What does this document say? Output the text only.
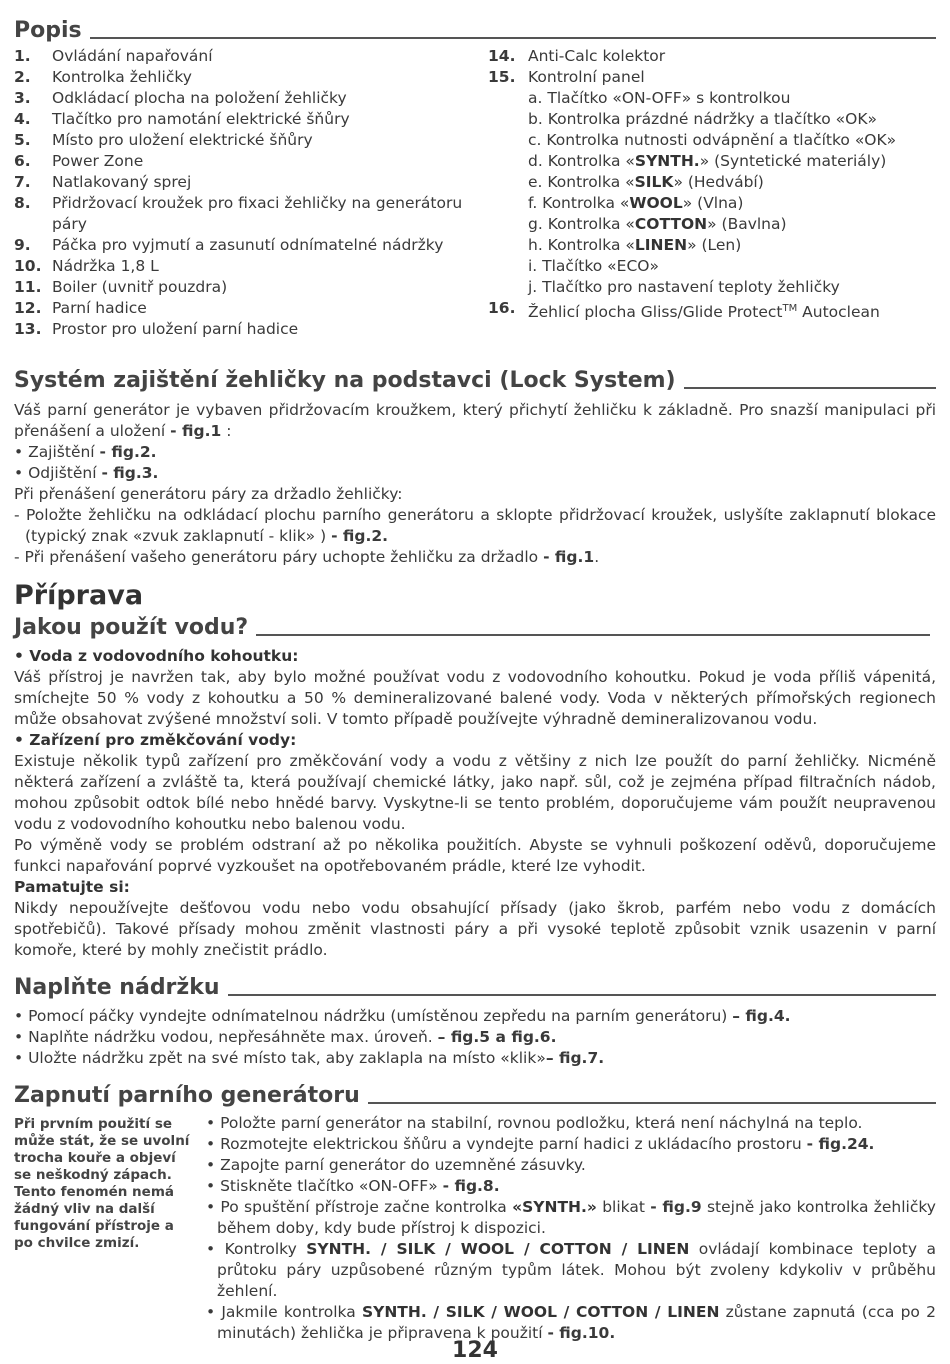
Popis
1.	Ovládání napařování
2.	Kontrolka žehličky
3.	Odkládací plocha na položení žehličky
4.	Tlačítko pro namotání elektrické šňůry
5.	Místo pro uložení elektrické šňůry
6.	Power Zone
7.	Natlakovaný sprej
8.	Přidržovací kroužek pro fixaci žehličky na generátoru páry
9.	Páčka pro vyjmutí a zasunutí odnímatelné nádržky
10. Nádržka 1,8 L
11. Boiler (uvnitř pouzdra)
12. Parní hadice
13. Prostor pro uložení parní hadice
14. Anti-Calc kolektor
15. Kontrolní panel
a. Tlačítko «ON-OFF» s kontrolkou
b. Kontrolka prázdné nádržky a tlačítko «OK»
c. Kontrolka nutnosti odvápnění a tlačítko «OK»
d. Kontrolka «SYNTH.» (Syntetické materiály)
e. Kontrolka «SILK» (Hedvábí)
f. Kontrolka «WOOL» (Vlna)
g. Kontrolka «COTTON» (Bavlna)
h. Kontrolka «LINEN» (Len)
i. Tlačítko «ECO»
j. Tlačítko pro nastavení teploty žehličky
16. Žehlicí plocha Gliss/Glide Protect™ Autoclean
Systém zajištění žehličky na podstavci (Lock System)

Váš parní generátor je vybaven přidržovacím kroužkem, který přichytí žehličku k základně. Pro snazší manipulaci při přenášení a uložení - fig.1 :

• Zajištění - fig.2.

• Odjištění - fig.3.

Při přenášení generátoru páry za držadlo žehličky:

- Položte žehličku na odkládací plochu parního generátoru a sklopte přidržovací kroužek, uslyšíte zaklapnutí blokace (typický znak «zvuk zaklapnutí - klik» ) - fig.2.

- Při přenášení vašeho generátoru páry uchopte žehličku za držadlo - fig.1.

Příprava
Jakou použít vodu?

• Voda z vodovodního kohoutku:

Váš přístroj je navržen tak, aby bylo možné používat vodu z vodovodního kohoutku. Pokud je voda příliš vápenitá, smíchejte 50 % vody z kohoutku a 50 % demineralizované balené vody. Voda v některých přímořských regionech může obsahovat zvýšené množství soli. V tomto případě používejte výhradně demineralizovanou vodu.

• Zařízení pro změkčování vody:

Existuje několik typů zařízení pro změkčování vody a vodu z většiny z nich lze použít do parní žehličky. Nicméně některá zařízení a zvláště ta, která používají chemické látky, jako např. sůl, což je zejména případ filtračních nádob, mohou způsobit odtok bílé nebo hnědé barvy. Vyskytne-li se tento problém, doporučujeme vám použít neupravenou vodu z vodovodního kohoutku nebo balenou vodu.

Po výměně vody se problém odstraní až po několika použitích. Abyste se vyhnuli poškození oděvů, doporučujeme funkci napařování poprvé vyzkoušet na opotřebovaném prádle, které lze vyhodit.

Pamatujte si:

Nikdy nepoužívejte dešťovou vodu nebo vodu obsahující přísady (jako škrob, parfém nebo vodu z domácích spotřebičů). Takové přísady mohou změnit vlastnosti páry a při vysoké teplotě způsobit vznik usazenin v parní komoře, které by mohly znečistit prádlo.

Naplňte nádržku

• Pomocí páčky vyndejte odnímatelnou nádržku (umístěnou zepředu na parním generátoru) – fig.4.

• Naplňte nádržku vodou, nepřesáhněte max. úroveň. – fig.5 a fig.6.

• Uložte nádržku zpět na své místo tak, aby zaklapla na místo «klik»– fig.7.

Zapnutí parního generátoru
Při prvním použití se může stát, že se uvolní trocha kouře a objeví se neškodný zápach. Tento fenomén nemá žádný vliv na další fungování přístroje a po chvilce zmizí.

• Položte parní generátor na stabilní, rovnou podložku, která není náchylná na teplo.

• Rozmotejte elektrickou šňůru a vyndejte parní hadici z ukládacího prostoru - fig.24.

• Zapojte parní generátor do uzemněné zásuvky.

• Stiskněte tlačítko «ON-OFF» - fig.8.

• Po spuštění přístroje začne kontrolka «SYNTH.» blikat - fig.9 stejně jako kontrolka žehličky během doby, kdy bude přístroj k dispozici.

• Kontrolky SYNTH. / SILK / WOOL / COTTON / LINEN ovládají kombinace teploty a průtoku páry uzpůsobené různým typům látek. Mohou být zvoleny kdykoliv v průběhu žehlení.

• Jakmile kontrolka SYNTH. / SILK / WOOL / COTTON / LINEN zůstane zapnutá (cca po 2 minutách) žehlička je připravena k použití - fig.10.

124
